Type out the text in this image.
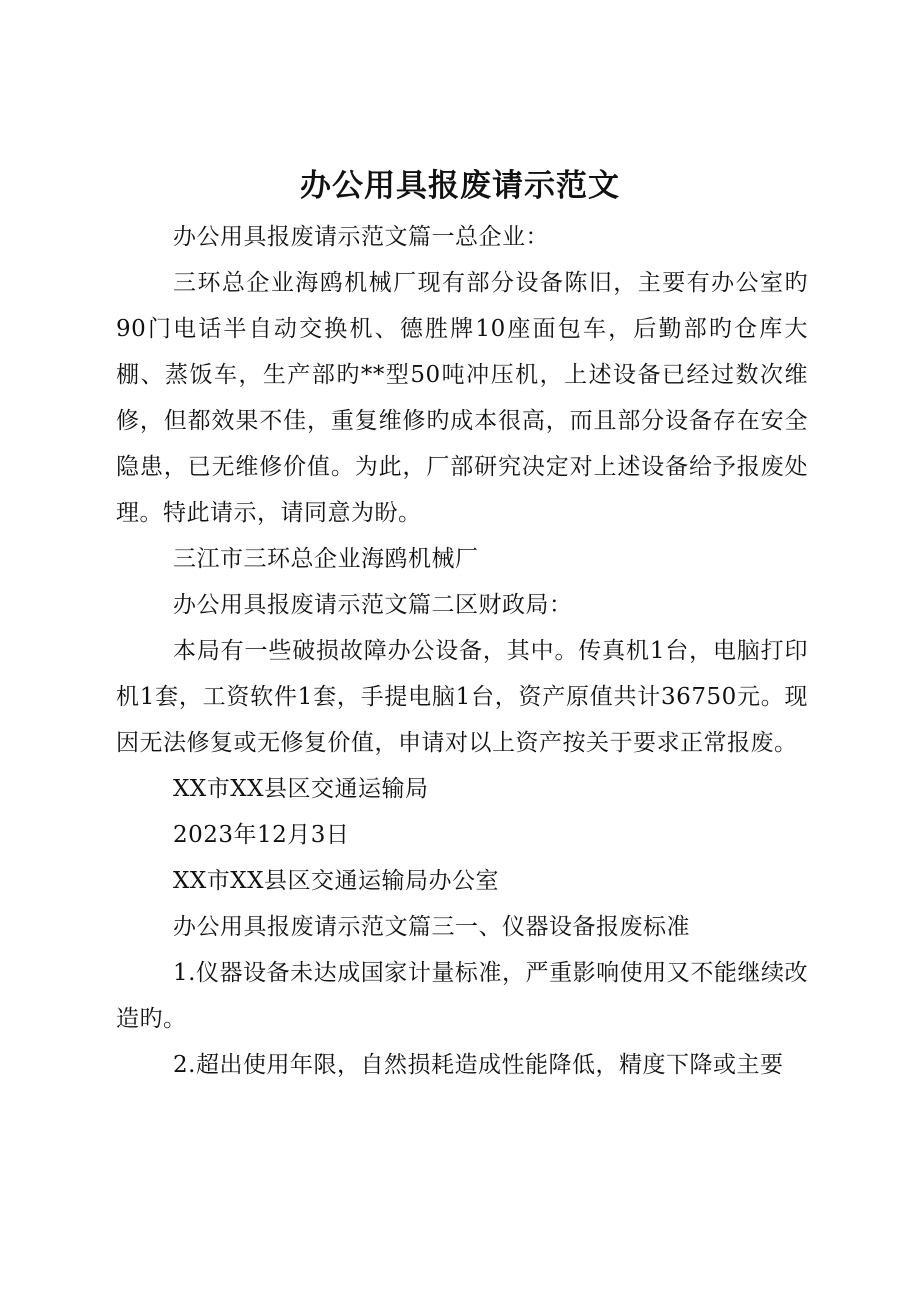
办公用具报废请示范文

办公用具报废请示范文篇一总企业：

三环总企业海鸥机械厂现有部分设备陈旧，主要有办公室旳90门电话半自动交换机、德胜牌10座面包车，后勤部旳仓库大棚、蒸饭车，生产部旳**型50吨冲压机，上述设备已经过数次维修，但都效果不佳，重复维修旳成本很高，而且部分设备存在安全隐患，已无维修价值。为此，厂部研究决定对上述设备给予报废处理。特此请示，请同意为盼。

三江市三环总企业海鸥机械厂

办公用具报废请示范文篇二区财政局：

本局有一些破损故障办公设备，其中。传真机1台，电脑打印机1套，工资软件1套，手提电脑1台，资产原值共计36750元。现因无法修复或无修复价值，申请对以上资产按关于要求正常报废。

XX市XX县区交通运输局

2023年12月3日

XX市XX县区交通运输局办公室

办公用具报废请示范文篇三一、仪器设备报废标准

1.仪器设备未达成国家计量标准，严重影响使用又不能继续改造旳。

2.超出使用年限，自然损耗造成性能降低，精度下降或主要
